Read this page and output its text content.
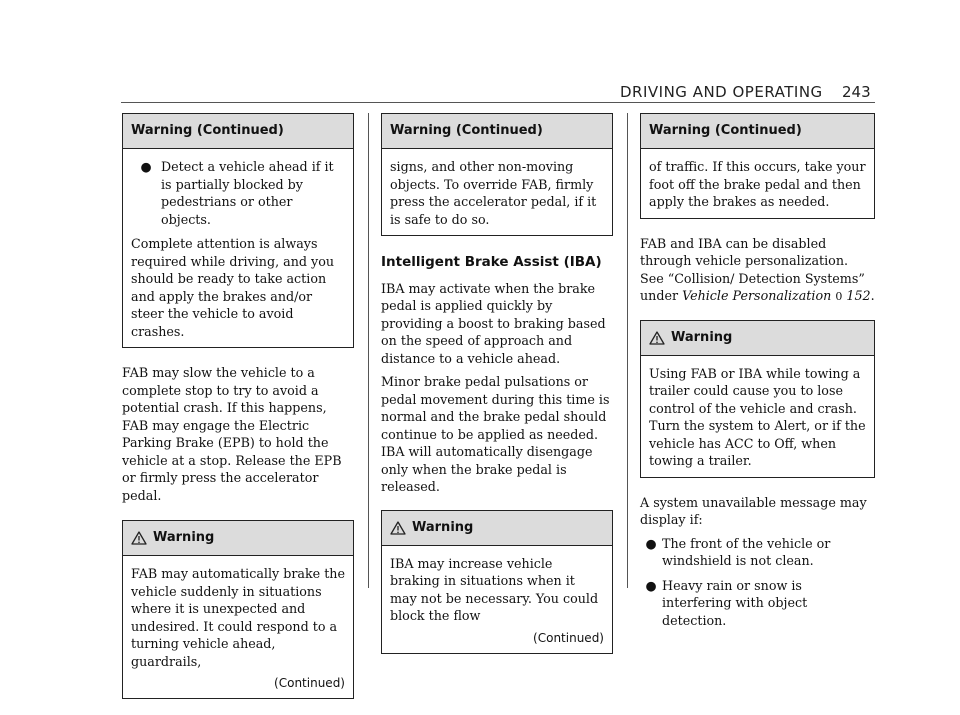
DRIVING AND OPERATING 243
Warning (Continued)
● Detect a vehicle ahead if it is partially blocked by pedestrians or other objects.

Complete attention is always required while driving, and you should be ready to take action and apply the brakes and/or steer the vehicle to avoid crashes.

FAB may slow the vehicle to a complete stop to try to avoid a potential crash. If this happens, FAB may engage the Electric Parking Brake (EPB) to hold the vehicle at a stop. Release the EPB or firmly press the accelerator pedal.

Warning

FAB may automatically brake the vehicle suddenly in situations where it is unexpected and undesired. It could respond to a turning vehicle ahead, guardrails,

(Continued)
Warning (Continued)

signs, and other non-moving objects. To override FAB, firmly press the accelerator pedal, if it is safe to do so.

Intelligent Brake Assist (IBA)

IBA may activate when the brake pedal is applied quickly by providing a boost to braking based on the speed of approach and distance to a vehicle ahead.

Minor brake pedal pulsations or pedal movement during this time is normal and the brake pedal should continue to be applied as needed. IBA will automatically disengage only when the brake pedal is released.

Warning

IBA may increase vehicle braking in situations when it may not be necessary. You could block the flow

(Continued)
Warning (Continued)

of traffic. If this occurs, take your foot off the brake pedal and then apply the brakes as needed.

FAB and IBA can be disabled through vehicle personalization. See “Collision/ Detection Systems” under Vehicle Personalization 0 152.

Warning

Using FAB or IBA while towing a trailer could cause you to lose control of the vehicle and crash. Turn the system to Alert, or if the vehicle has ACC to Off, when towing a trailer.

A system unavailable message may display if:

● The front of the vehicle or windshield is not clean.
● Heavy rain or snow is interfering with object detection.
